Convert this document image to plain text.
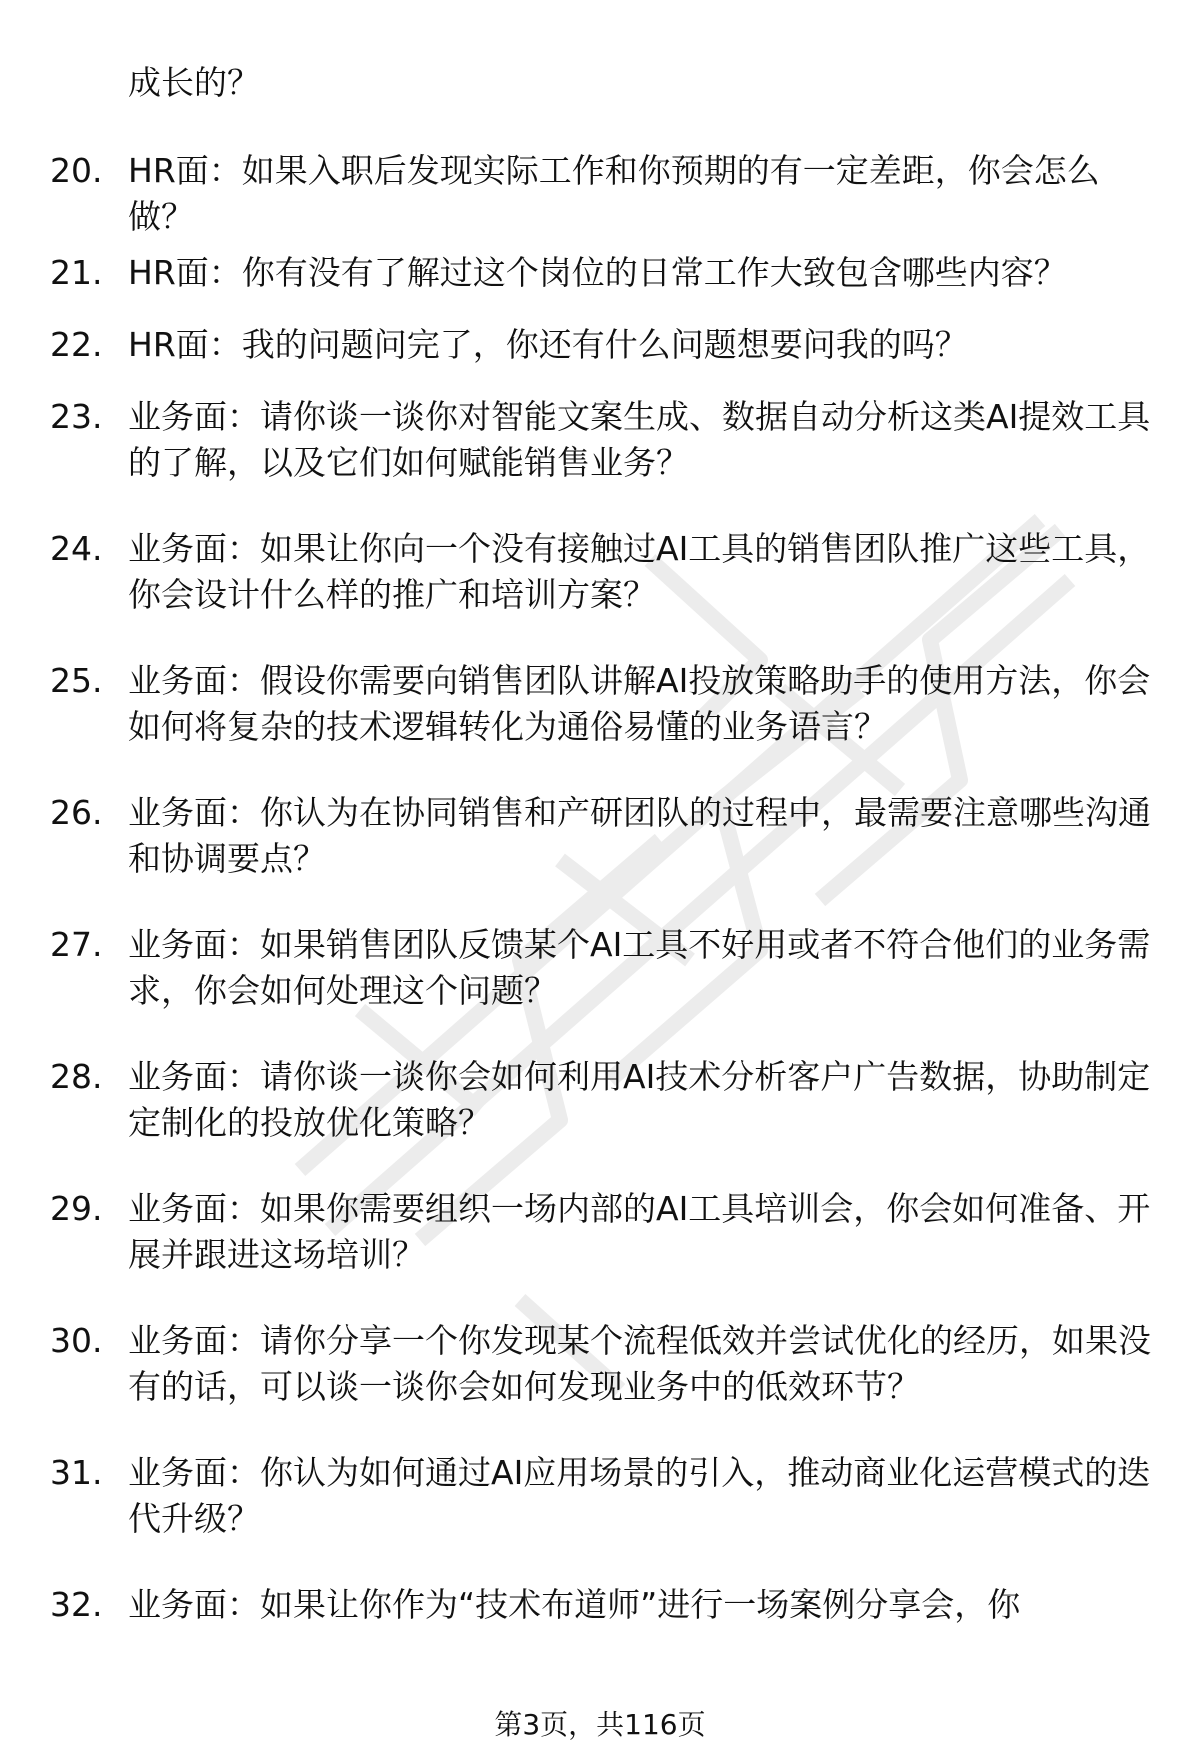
成长的？
20. HR面：如果入职后发现实际工作和你预期的有一定差距，你会怎么做？
21. HR面：你有没有了解过这个岗位的日常工作大致包含哪些内容？
22. HR面：我的问题问完了，你还有什么问题想要问我的吗？
23. 业务面：请你谈一谈你对智能文案生成、数据自动分析这类AI提效工具的了解，以及它们如何赋能销售业务？
24. 业务面：如果让你向一个没有接触过AI工具的销售团队推广这些工具，你会设计什么样的推广和培训方案？
25. 业务面：假设你需要向销售团队讲解AI投放策略助手的使用方法，你会如何将复杂的技术逻辑转化为通俗易懂的业务语言？
26. 业务面：你认为在协同销售和产研团队的过程中，最需要注意哪些沟通和协调要点？
27. 业务面：如果销售团队反馈某个AI工具不好用或者不符合他们的业务需求，你会如何处理这个问题？
28. 业务面：请你谈一谈你会如何利用AI技术分析客户广告数据，协助制定定制化的投放优化策略？
29. 业务面：如果你需要组织一场内部的AI工具培训会，你会如何准备、开展并跟进这场培训？
30. 业务面：请你分享一个你发现某个流程低效并尝试优化的经历，如果没有的话，可以谈一谈你会如何发现业务中的低效环节？
31. 业务面：你认为如何通过AI应用场景的引入，推动商业化运营模式的迭代升级？
32. 业务面：如果让你作为“技术布道师”进行一场案例分享会，你
第3页，共116页
